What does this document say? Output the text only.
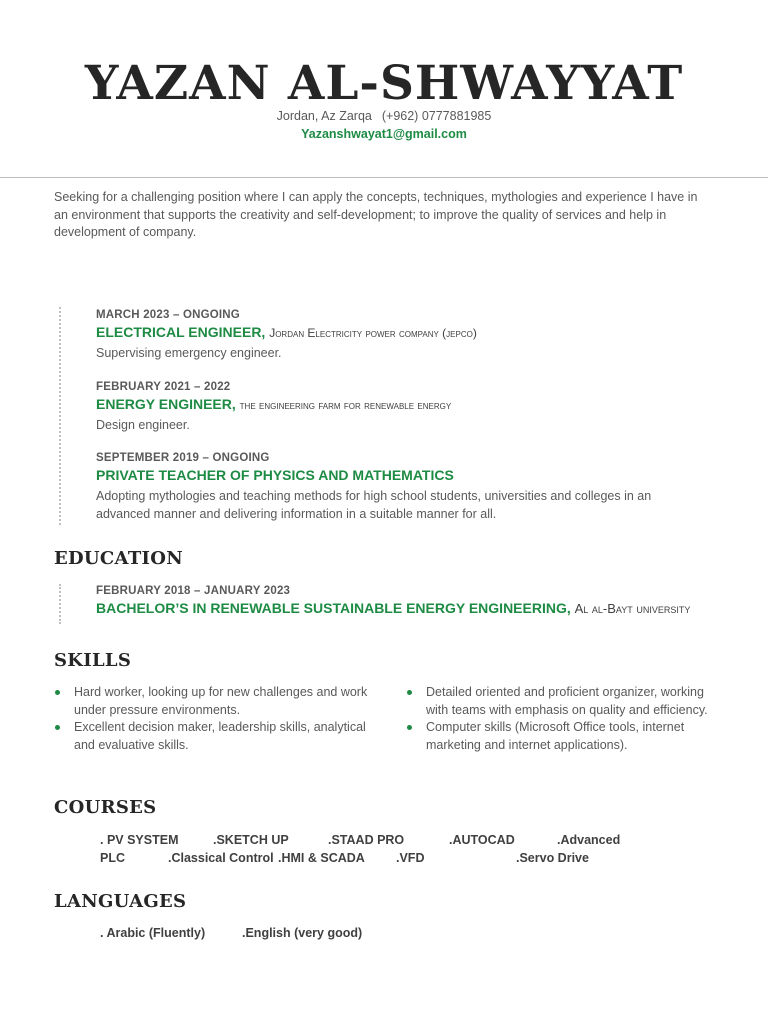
YAZAN AL-SHWAYYAT
Jordan, Az Zarqa (+962) 0777881985
Yazanshwayat1@gmail.com

Seeking for a challenging position where I can apply the concepts, techniques, mythologies and experience I have in an environment that supports the creativity and self-development; to improve the quality of services and help in development of company.

MARCH 2023 – ONGOING
ELECTRICAL ENGINEER, Jordan Electricity power company (jepco)
Supervising emergency engineer.
FEBRUARY 2021 – 2022
ENERGY ENGINEER, the engineering farm for renewable energy
Design engineer.
SEPTEMBER 2019 – ONGOING
PRIVATE TEACHER OF PHYSICS AND MATHEMATICS
Adopting mythologies and teaching methods for high school students, universities and colleges in an advanced manner and delivering information in a suitable manner for all.
EDUCATION
FEBRUARY 2018 – JANUARY 2023
BACHELOR’S IN RENEWABLE SUSTAINABLE ENERGY ENGINEERING, Al al-Bayt university
SKILLS
Hard worker, looking up for new challenges and work under pressure environments.
Excellent decision maker, leadership skills, analytical and evaluative skills.
Detailed oriented and proficient organizer, working with teams with emphasis on quality and efficiency.
Computer skills (Microsoft Office tools, internet marketing and internet applications).
COURSES
. PV SYSTEM	.SKETCH UP	.STAAD PRO	.AUTOCAD	.Advanced
PLC	.Classical Control .HMI & SCADA .VFD	.Servo Drive
LANGUAGES
. Arabic (Fluently)	.English (very good)
